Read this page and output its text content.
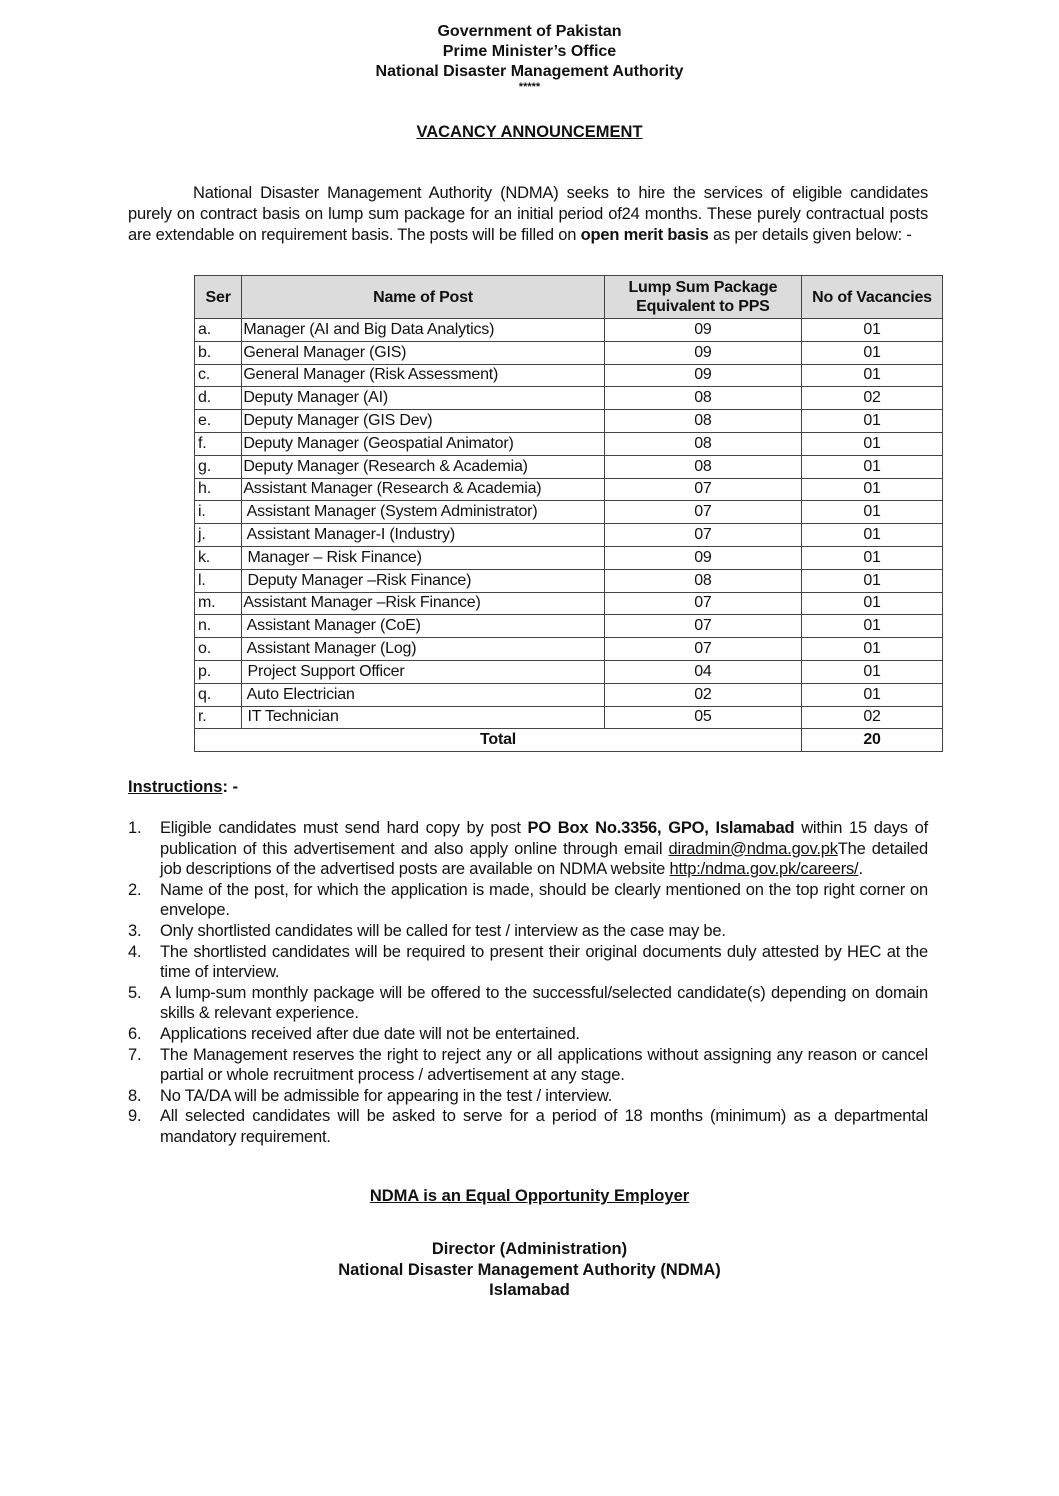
Government of Pakistan
Prime Minister’s Office
National Disaster Management Authority
*****
VACANCY ANNOUNCEMENT
National Disaster Management Authority (NDMA) seeks to hire the services of eligible candidates purely on contract basis on lump sum package for an initial period of24 months. These purely contractual posts are extendable on requirement basis. The posts will be filled on open merit basis as per details given below: -
Ser	Name of Post	Lump Sum Package Equivalent to PPS	No of Vacancies
a.	Manager (AI and Big Data Analytics)	09	01
b.	General Manager (GIS)	09	01
c.	General Manager (Risk Assessment)	09	01
d.	Deputy Manager (AI)	08	02
e.	Deputy Manager (GIS Dev)	08	01
f.	Deputy Manager (Geospatial Animator)	08	01
g.	Deputy Manager (Research & Academia)	08	01
h.	Assistant Manager (Research & Academia)	07	01
i.	Assistant Manager (System Administrator)	07	01
j.	Assistant Manager-I (Industry)	07	01
k.	Manager – Risk Finance)	09	01
l.	Deputy Manager –Risk Finance)	08	01
m.	Assistant Manager –Risk Finance)	07	01
n.	Assistant Manager (CoE)	07	01
o.	Assistant Manager (Log)	07	01
p.	Project Support Officer	04	01
q.	Auto Electrician	02	01
r.	IT Technician	05	02
Total			20
Instructions: -
1. Eligible candidates must send hard copy by post PO Box No.3356, GPO, Islamabad within 15 days of publication of this advertisement and also apply online through email diradmin@ndma.gov.pkThe detailed job descriptions of the advertised posts are available on NDMA website http:/ndma.gov.pk/careers/.
2. Name of the post, for which the application is made, should be clearly mentioned on the top right corner on envelope.
3. Only shortlisted candidates will be called for test / interview as the case may be.
4. The shortlisted candidates will be required to present their original documents duly attested by HEC at the time of interview.
5. A lump-sum monthly package will be offered to the successful/selected candidate(s) depending on domain skills & relevant experience.
6. Applications received after due date will not be entertained.
7. The Management reserves the right to reject any or all applications without assigning any reason or cancel partial or whole recruitment process / advertisement at any stage.
8. No TA/DA will be admissible for appearing in the test / interview.
9. All selected candidates will be asked to serve for a period of 18 months (minimum) as a departmental mandatory requirement.
NDMA is an Equal Opportunity Employer
Director (Administration)
National Disaster Management Authority (NDMA)
Islamabad
